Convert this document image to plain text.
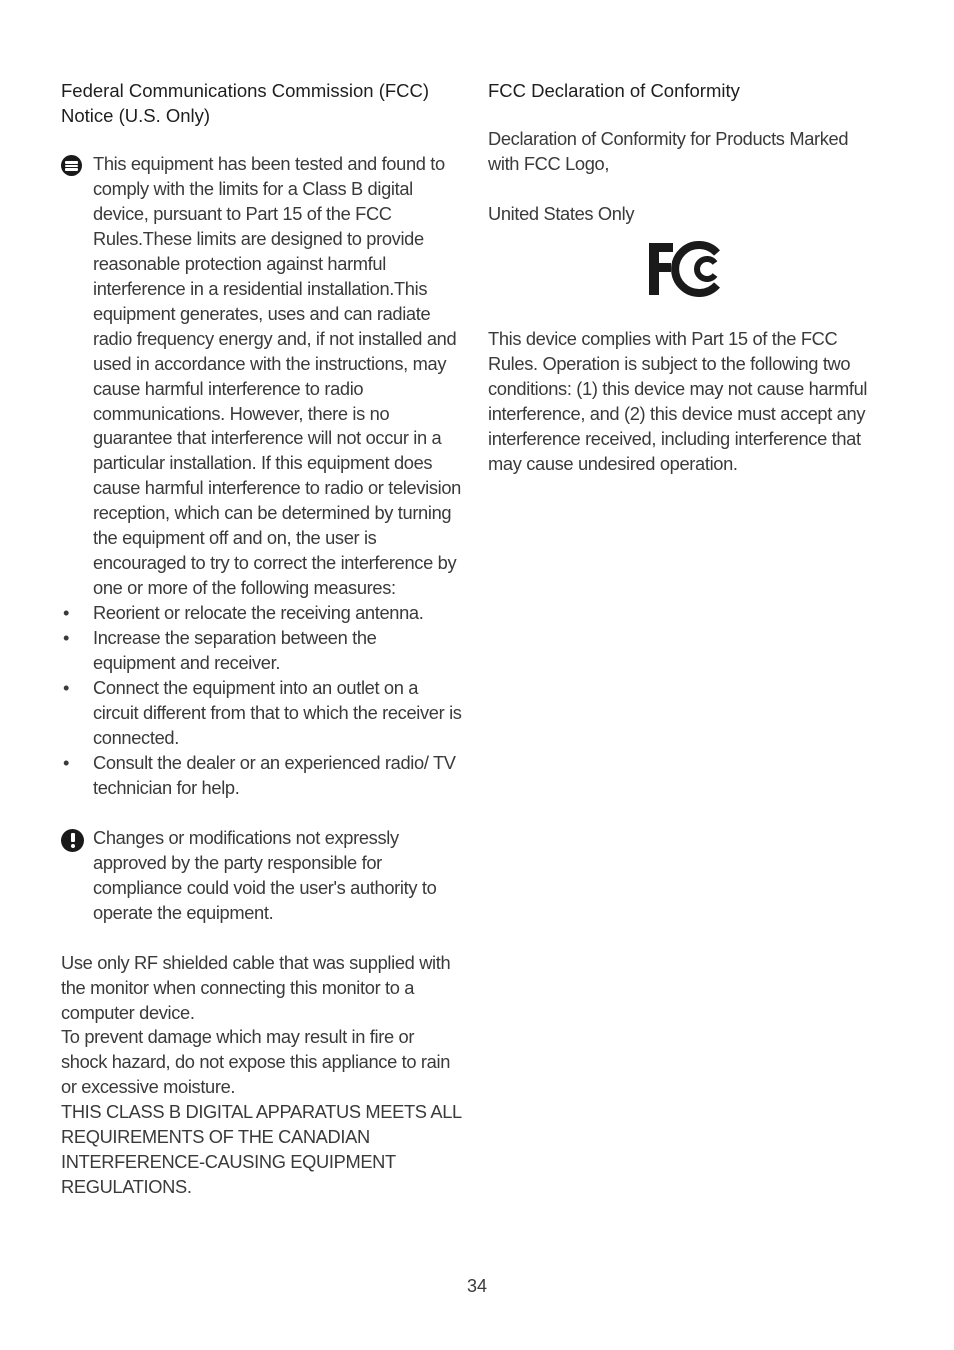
Federal Communications Commission (FCC)
Notice (U.S. Only)
This equipment has been tested and found to comply with the limits for a Class B digital device, pursuant to Part 15 of the FCC Rules.These limits are designed to provide reasonable protection against harmful interference in a residential installation.This equipment generates, uses and can radiate radio frequency energy and, if not installed and used in accordance with the instructions, may cause harmful interference to radio communications. However, there is no guarantee that interference will not occur in a particular installation. If this equipment does cause harmful interference to radio or television reception, which can be determined by turning the equipment off and on, the user is encouraged to try to correct the interference by one or more of the following measures:
• Reorient or relocate the receiving antenna.
• Increase the separation between the equipment and receiver.
• Connect the equipment into an outlet on a circuit different from that to which the receiver is connected.
• Consult the dealer or an experienced radio/ TV technician for help.
Changes or modifications not expressly approved by the party responsible for compliance could void the user's authority to operate the equipment.
Use only RF shielded cable that was supplied with the monitor when connecting this monitor to a computer device.
To prevent damage which may result in fire or shock hazard, do not expose this appliance to rain or excessive moisture.
THIS CLASS B DIGITAL APPARATUS MEETS ALL REQUIREMENTS OF THE CANADIAN INTERFERENCE-CAUSING EQUIPMENT REGULATIONS.
FCC Declaration of Conformity
Declaration of Conformity for Products Marked with FCC Logo,
United States Only
This device complies with Part 15 of the FCC Rules. Operation is subject to the following two conditions: (1) this device may not cause harmful interference, and (2) this device must accept any interference received, including interference that may cause undesired operation.
34
